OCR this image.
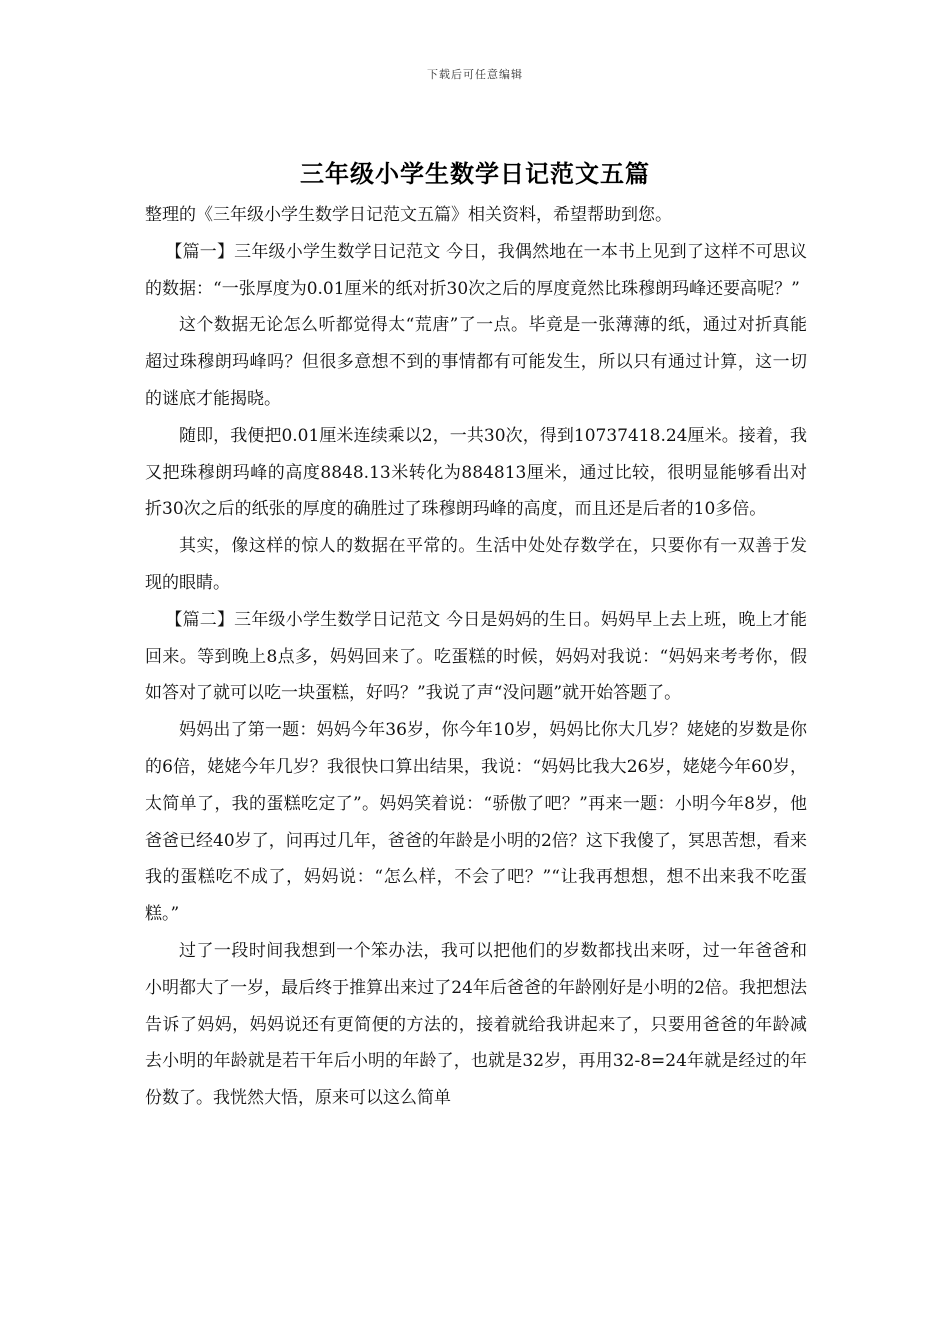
下载后可任意编辑
三年级小学生数学日记范文五篇

整理的《三年级小学生数学日记范文五篇》相关资料，希望帮助到您。

【篇一】三年级小学生数学日记范文 今日，我偶然地在一本书上见到了这样不可思议的数据：“一张厚度为0.01厘米的纸对折30次之后的厚度竟然比珠穆朗玛峰还要高呢？”

这个数据无论怎么听都觉得太“荒唐”了一点。毕竟是一张薄薄的纸，通过对折真能超过珠穆朗玛峰吗？但很多意想不到的事情都有可能发生，所以只有通过计算，这一切的谜底才能揭晓。

随即，我便把0.01厘米连续乘以2，一共30次，得到10737418.24厘米。接着，我又把珠穆朗玛峰的高度8848.13米转化为884813厘米，通过比较，很明显能够看出对折30次之后的纸张的厚度的确胜过了珠穆朗玛峰的高度，而且还是后者的10多倍。

其实，像这样的惊人的数据在平常的。生活中处处存数学在，只要你有一双善于发现的眼睛。

【篇二】三年级小学生数学日记范文 今日是妈妈的生日。妈妈早上去上班，晚上才能回来。等到晚上8点多，妈妈回来了。吃蛋糕的时候，妈妈对我说：“妈妈来考考你，假如答对了就可以吃一块蛋糕，好吗？”我说了声“没问题”就开始答题了。

妈妈出了第一题：妈妈今年36岁，你今年10岁，妈妈比你大几岁？姥姥的岁数是你的6倍，姥姥今年几岁？我很快口算出结果，我说：“妈妈比我大26岁，姥姥今年60岁，太简单了，我的蛋糕吃定了”。妈妈笑着说：“骄傲了吧？”再来一题：小明今年8岁，他爸爸已经40岁了，问再过几年，爸爸的年龄是小明的2倍？这下我傻了，冥思苦想，看来我的蛋糕吃不成了，妈妈说：“怎么样，不会了吧？”“让我再想想，想不出来我不吃蛋糕。”

过了一段时间我想到一个笨办法，我可以把他们的岁数都找出来呀，过一年爸爸和小明都大了一岁，最后终于推算出来过了24年后爸爸的年龄刚好是小明的2倍。我把想法告诉了妈妈，妈妈说还有更简便的方法的，接着就给我讲起来了，只要用爸爸的年龄减去小明的年龄就是若干年后小明的年龄了，也就是32岁，再用32-8=24年就是经过的年份数了。我恍然大悟，原来可以这么简单
